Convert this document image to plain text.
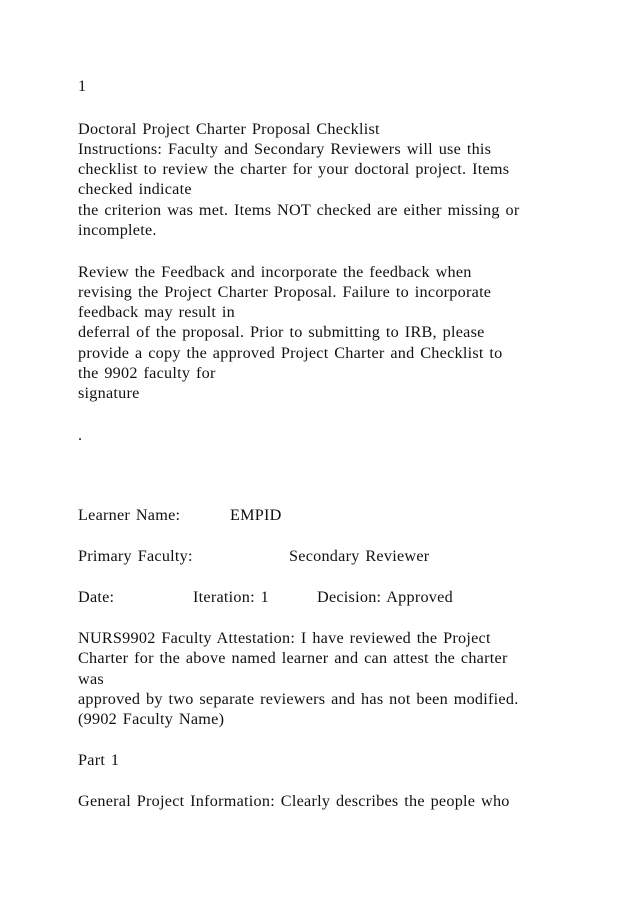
1
Doctoral Project Charter Proposal Checklist
Instructions: Faculty and Secondary Reviewers will use this
checklist to review the charter for your doctoral project. Items
checked indicate
the criterion was met. Items NOT checked are either missing or
incomplete.
Review the Feedback and incorporate the feedback when
revising the Project Charter Proposal. Failure to incorporate
feedback may result in
deferral of the proposal. Prior to submitting to IRB, please
provide a copy the approved Project Charter and Checklist to
the 9902 faculty for
signature
.
Learner Name:	EMPID
Primary Faculty:	Secondary Reviewer
Date:	Iteration: 1	Decision: Approved
NURS9902 Faculty Attestation: I have reviewed the Project
Charter for the above named learner and can attest the charter
was
approved by two separate reviewers and has not been modified.
(9902 Faculty Name)
Part 1
General Project Information: Clearly describes the people who
